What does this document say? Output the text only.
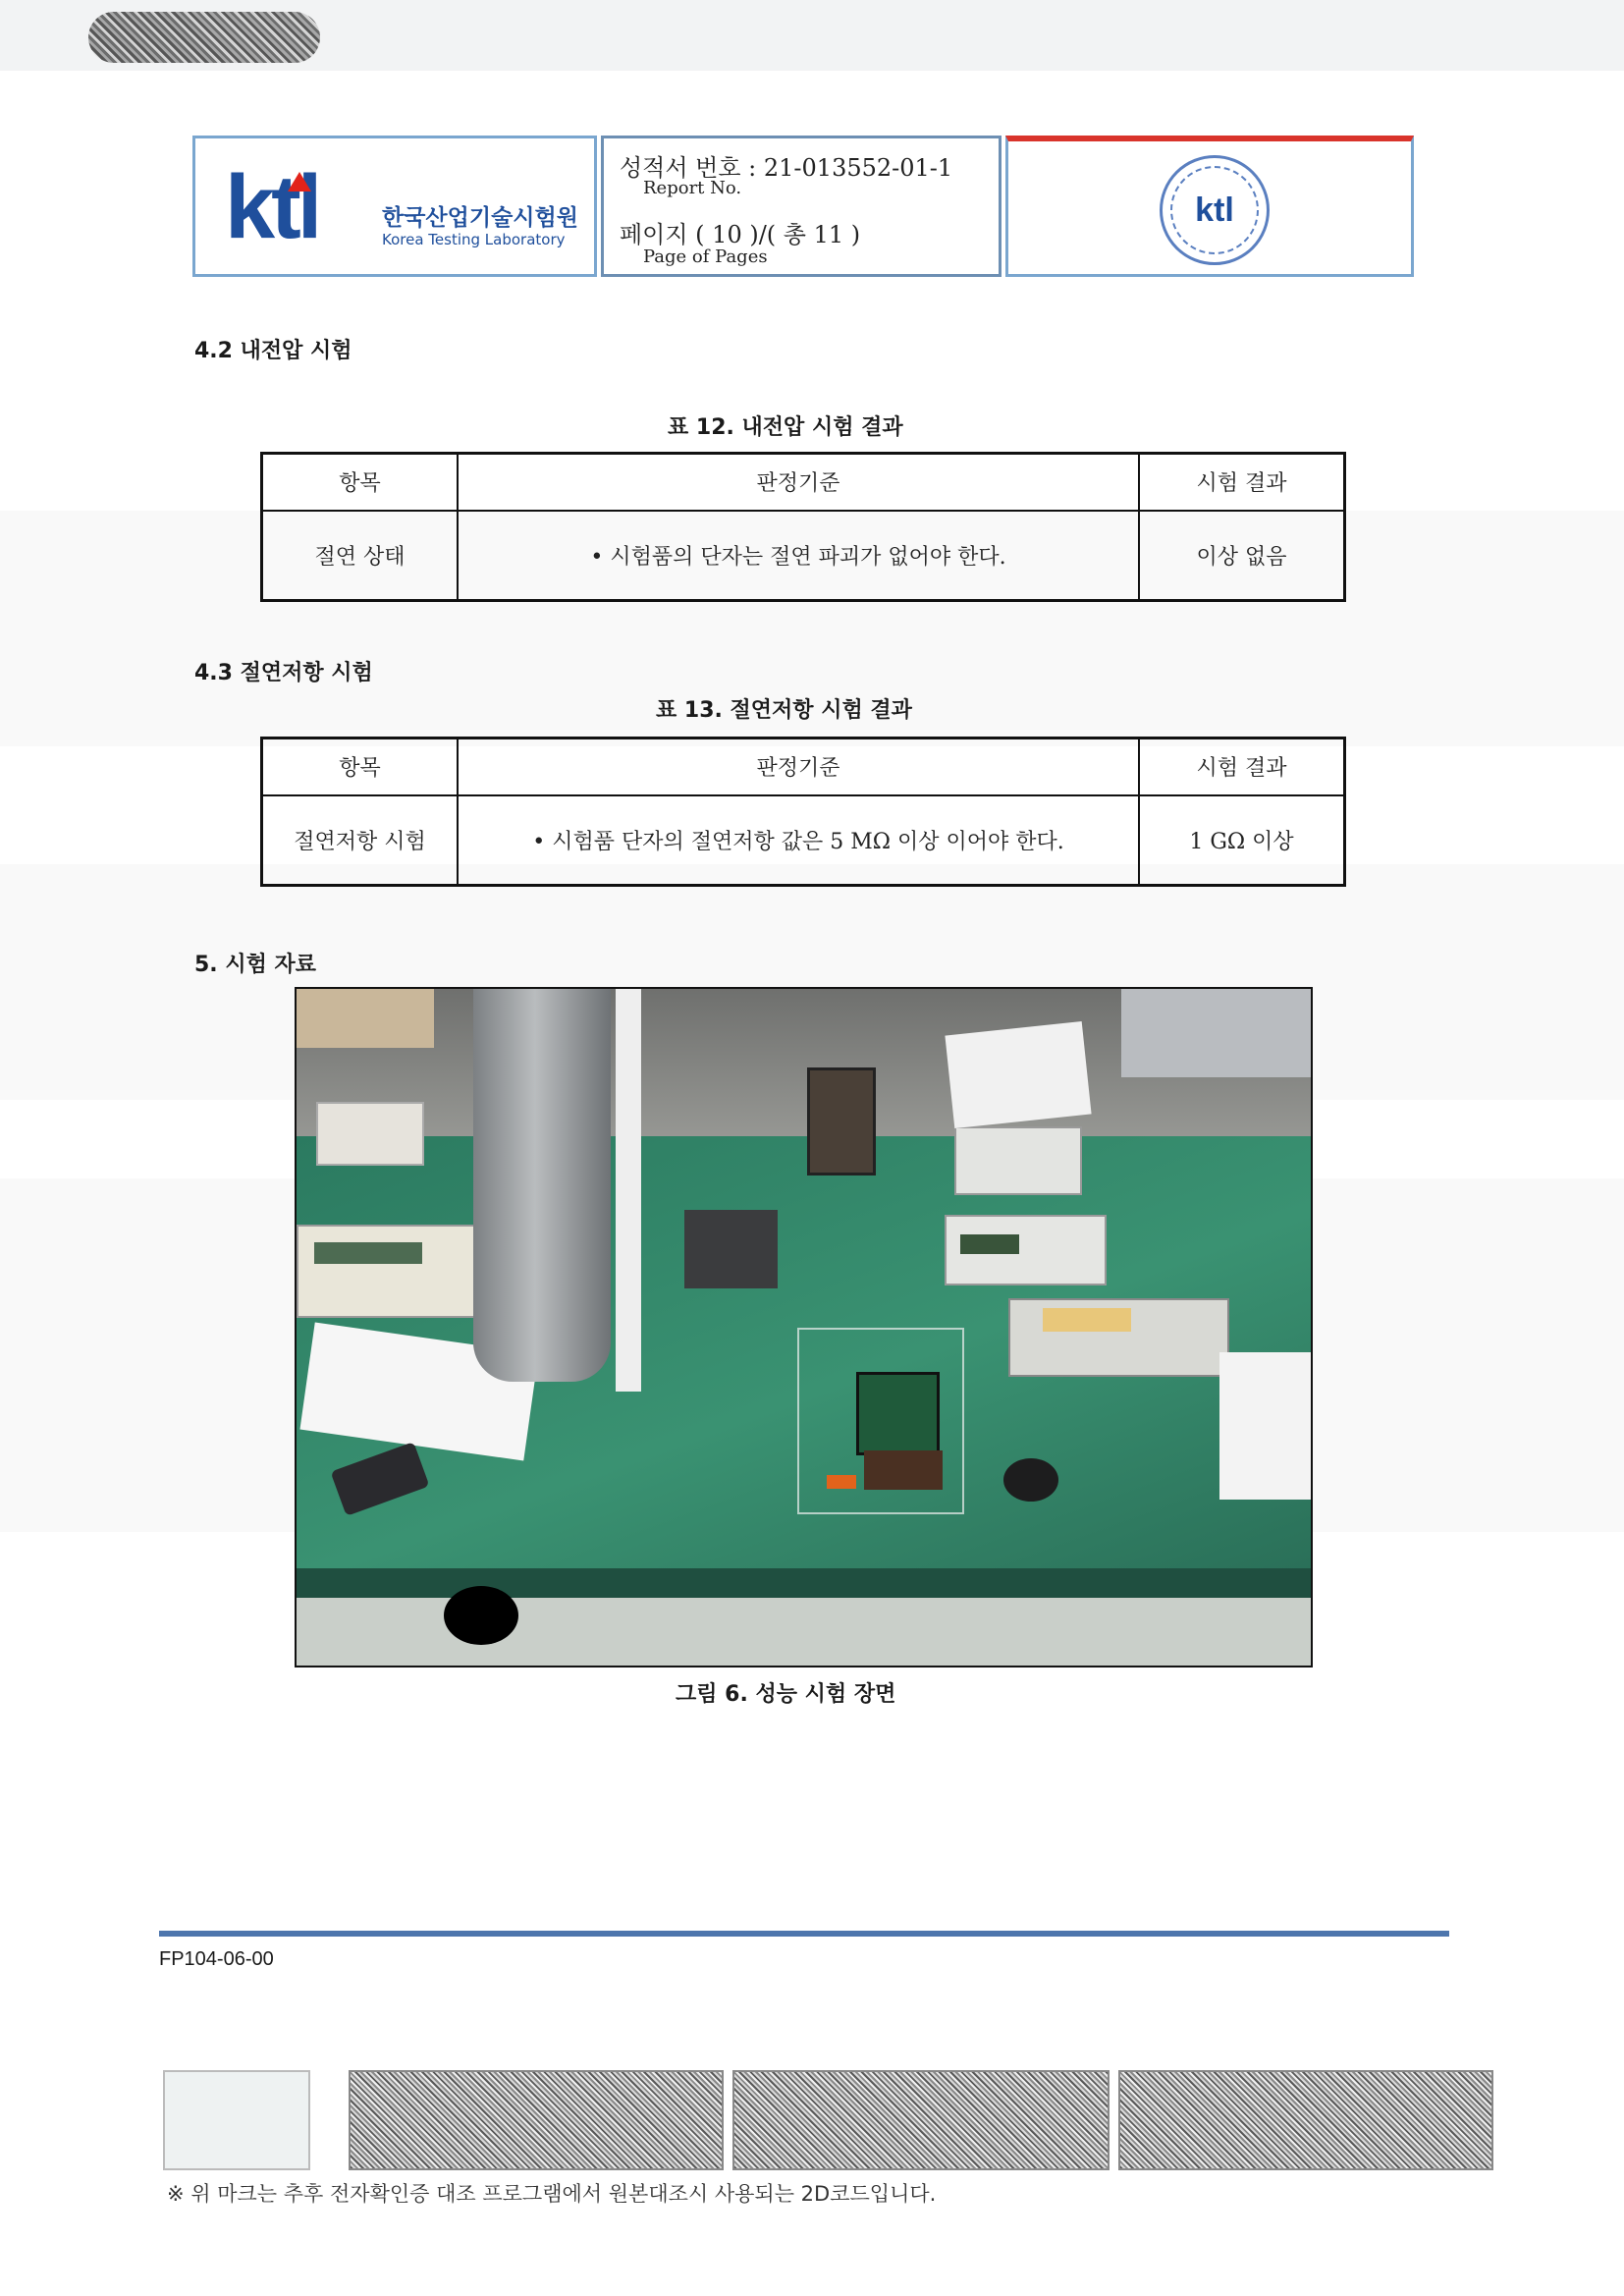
ktl	한국산업기술시험원
Korea Testing Laboratory
성적서 번호 : 21-013552-01-1
Report No.
페이지 ( 10 )/( 총 11 )
Page of Pages
ktl
4.2 내전압 시험
표 12. 내전압 시험 결과
항목	판정기준	시험 결과
절연 상태	• 시험품의 단자는 절연 파괴가 없어야 한다.	이상 없음
4.3 절연저항 시험
표 13. 절연저항 시험 결과
항목	판정기준	시험 결과
절연저항 시험	• 시험품 단자의 절연저항 값은 5 MΩ 이상 이어야 한다.	1 GΩ 이상
5. 시험 자료
그림 6. 성능 시험 장면
FP104-06-00
※ 위 마크는 추후 전자확인증 대조 프로그램에서 원본대조시 사용되는 2D코드입니다.
